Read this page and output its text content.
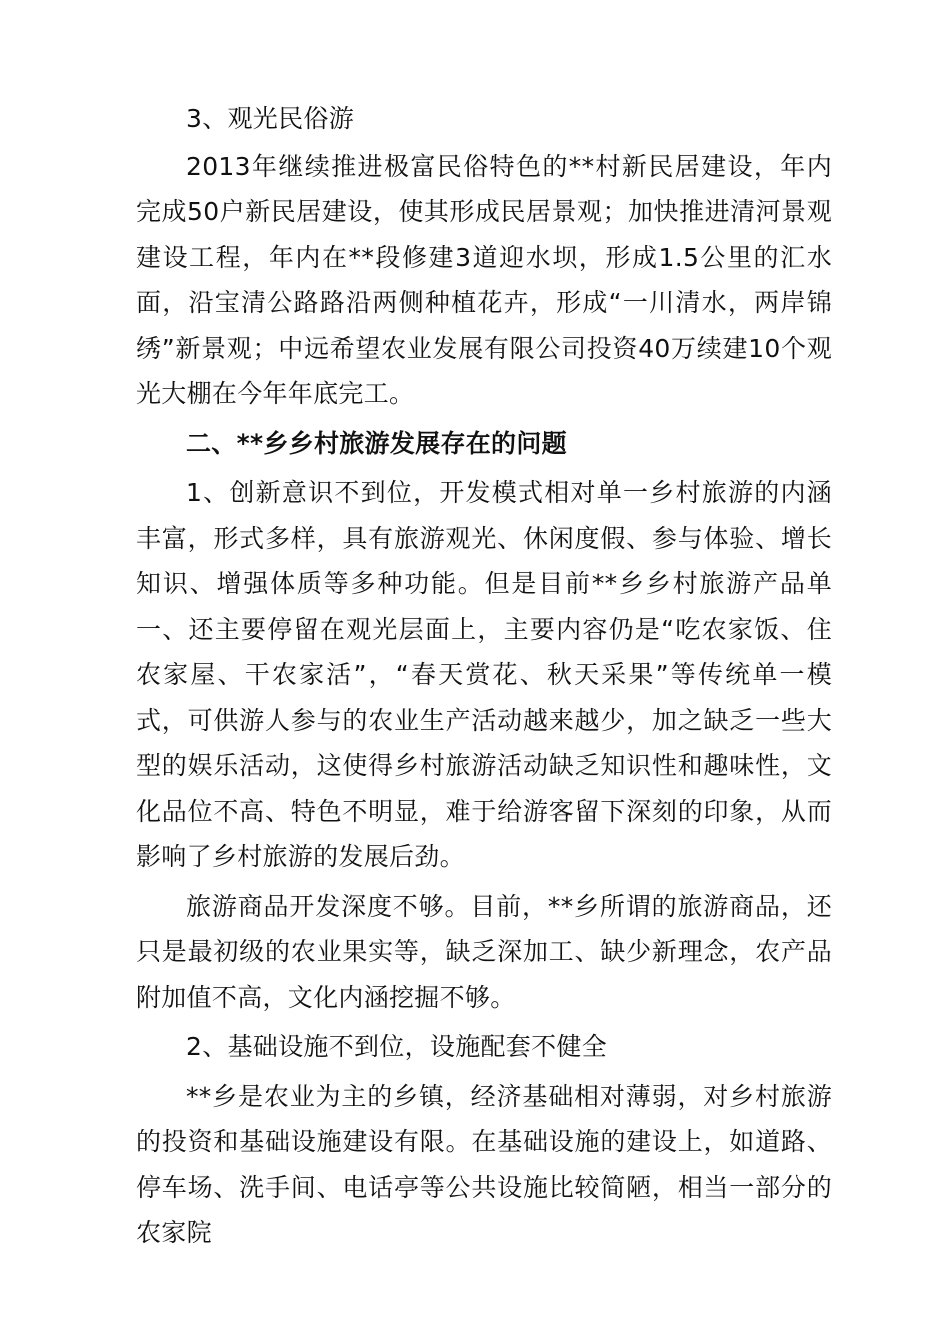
3、观光民俗游

2013年继续推进极富民俗特色的**村新民居建设，年内完成50户新民居建设，使其形成民居景观；加快推进清河景观建设工程，年内在**段修建3道迎水坝，形成1.5公里的汇水面，沿宝清公路路沿两侧种植花卉，形成“一川清水，两岸锦绣”新景观；中远希望农业发展有限公司投资40万续建10个观光大棚在今年年底完工。

二、**乡乡村旅游发展存在的问题

1、创新意识不到位，开发模式相对单一乡村旅游的内涵丰富，形式多样，具有旅游观光、休闲度假、参与体验、增长知识、增强体质等多种功能。但是目前**乡乡村旅游产品单一、还主要停留在观光层面上，主要内容仍是“吃农家饭、住农家屋、干农家活”，“春天赏花、秋天采果”等传统单一模式，可供游人参与的农业生产活动越来越少，加之缺乏一些大型的娱乐活动，这使得乡村旅游活动缺乏知识性和趣味性，文化品位不高、特色不明显，难于给游客留下深刻的印象，从而影响了乡村旅游的发展后劲。

旅游商品开发深度不够。目前，**乡所谓的旅游商品，还只是最初级的农业果实等，缺乏深加工、缺少新理念，农产品附加值不高，文化内涵挖掘不够。

2、基础设施不到位，设施配套不健全

**乡是农业为主的乡镇，经济基础相对薄弱，对乡村旅游的投资和基础设施建设有限。在基础设施的建设上，如道路、停车场、洗手间、电话亭等公共设施比较简陋，相当一部分的农家院
